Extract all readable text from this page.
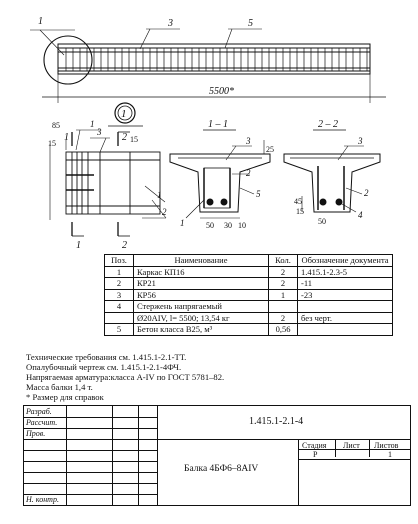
1	3	5
5500*
1
1
3
2
1
85
15	15
1	2
2
1
1 – 1
3
2
5
1
25
50 30 10
2 – 2
3
2
4
45
15
50
Поз.	Наименование	Кол.	Обозначение документа
1	Каркас КП16	2	1.415.1-2.3-5
2	КР21	2	-11
3	КР56	1	-23
4	Стержень напрягаемый		
	Ø20AIV, l= 5500; 13,54 кг	2	без черт.
5	Бетон класса B25, м³	0,56	
Технические требования см. 1.415.1-2.1-ТТ.
Опалубочный чертеж см. 1.415.1-2.1-4ФЧ.
Напрягаемая арматура:класса A-IV по ГОСТ 5781–82.
Масса балки 1,4 т.
* Размер для справок
Разраб.
Рассчит.
Пров.
Н. контр.
1.415.1-2.1-4
Балка 4БФ6–8AIV
Стадия Лист Листов
Р	1
